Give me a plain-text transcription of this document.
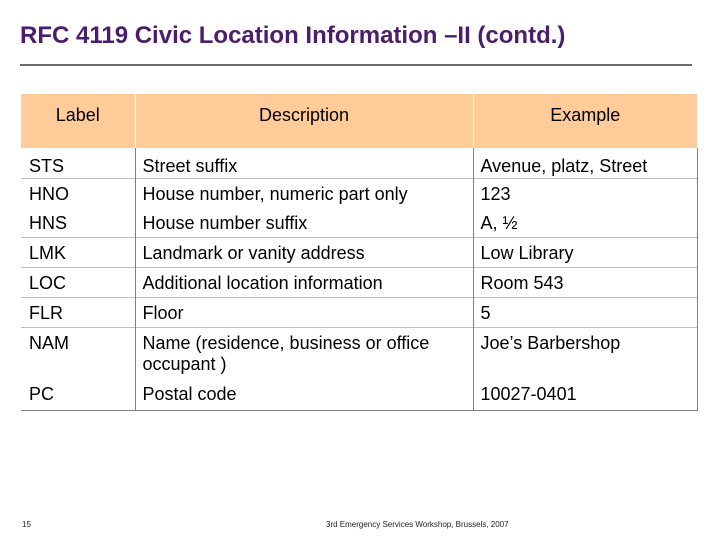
RFC 4119 Civic Location Information –II (contd.)
Label	Description	Example
STS	Street suffix	Avenue, platz, Street
HNO	House number, numeric part only	123
HNS	House number suffix	A, ½
LMK	Landmark or vanity address	Low Library
LOC	Additional location information	Room 543
FLR	Floor	5
NAM	Name (residence, business or office occupant )	Joe’s Barbershop
PC	Postal code	10027-0401
15	3rd Emergency Services Workshop, Brussels, 2007
